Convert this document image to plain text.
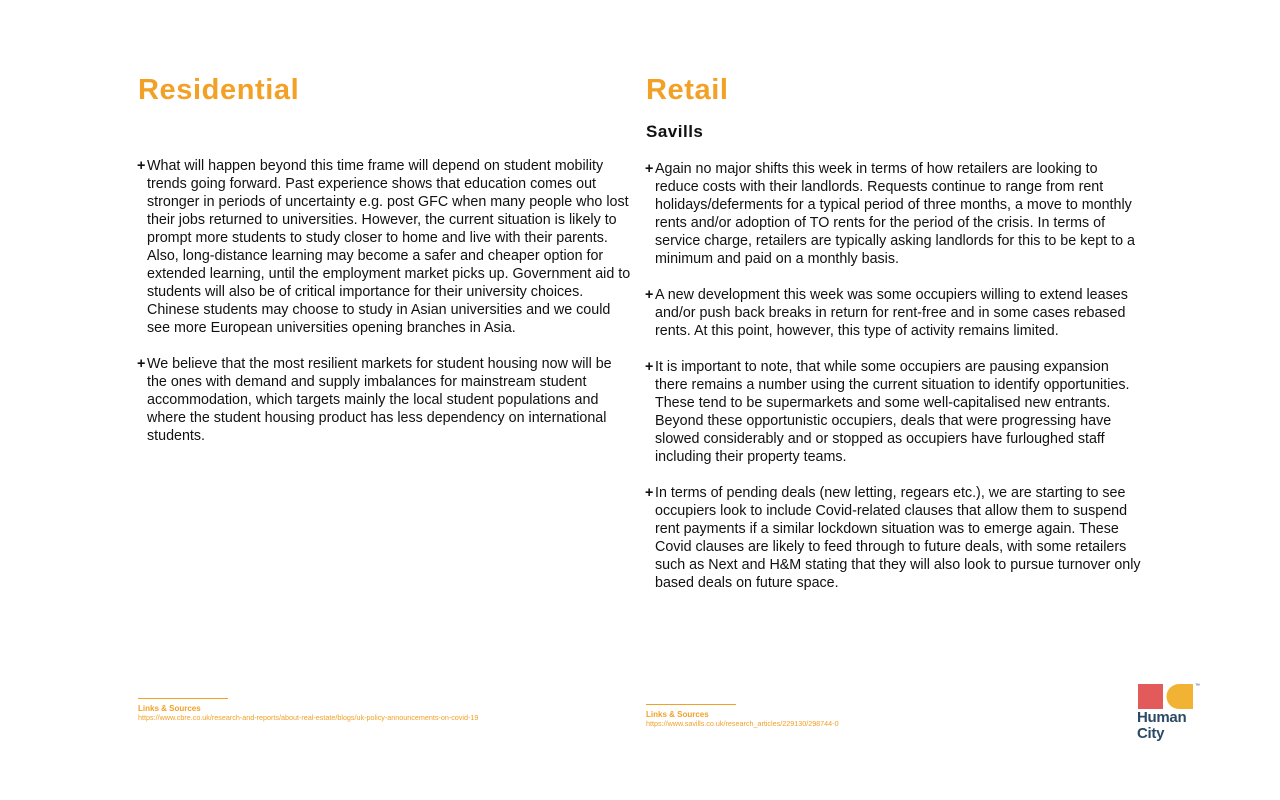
Residential
+ What will happen beyond this time frame will depend on student mobility trends going forward. Past experience shows that education comes out stronger in periods of uncertainty e.g. post GFC when many people who lost their jobs returned to universities. However, the current situation is likely to prompt more students to study closer to home and live with their parents. Also, long-distance learning may become a safer and cheaper option for extended learning, until the employment market picks up. Government aid to students will also be of critical importance for their university choices. Chinese students may choose to study in Asian universities and we could see more European universities opening branches in Asia.
+ We believe that the most resilient markets for student housing now will be the ones with demand and supply imbalances for mainstream student accommodation, which targets mainly the local student populations and where the student housing product has less dependency on international students.
Links & Sources
https://www.cbre.co.uk/research-and-reports/about-real-estate/blogs/uk-policy-announcements-on-covid-19
Retail
Savills
+ Again no major shifts this week in terms of how retailers are looking to reduce costs with their landlords. Requests continue to range from rent holidays/deferments for a typical period of three months, a move to monthly rents and/or adoption of TO rents for the period of the crisis. In terms of service charge, retailers are typically asking landlords for this to be kept to a minimum and paid on a monthly basis.
+ A new development this week was some occupiers willing to extend leases and/or push back breaks in return for rent-free and in some cases rebased rents. At this point, however, this type of activity remains limited.
+ It is important to note, that while some occupiers are pausing expansion there remains a number using the current situation to identify opportunities. These tend to be supermarkets and some well-capitalised new entrants. Beyond these opportunistic occupiers, deals that were progressing have slowed considerably and or stopped as occupiers have furloughed staff including their property teams.
+ In terms of pending deals (new letting, regears etc.), we are starting to see occupiers look to include Covid-related clauses that allow them to suspend rent payments if a similar lockdown situation was to emerge again. These Covid clauses are likely to feed through to future deals, with some retailers such as Next and H&M stating that they will also look to pursue turnover only based deals on future space.
Links & Sources
https://www.savills.co.uk/research_articles/229130/298744-0
™
Human
City
